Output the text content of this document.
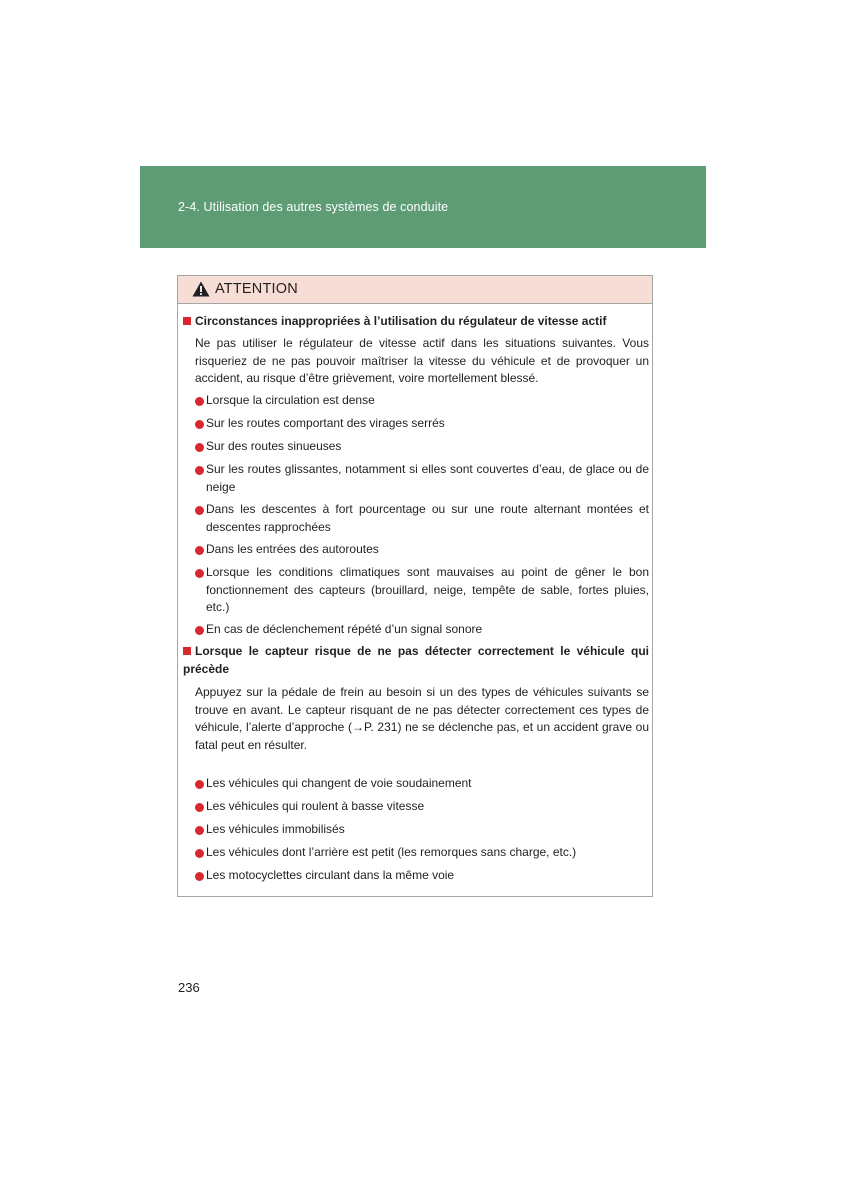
2-4. Utilisation des autres systèmes de conduite
ATTENTION
Circonstances inappropriées à l’utilisation du régulateur de vitesse actif
Ne pas utiliser le régulateur de vitesse actif dans les situations suivantes. Vous risqueriez de ne pas pouvoir maîtriser la vitesse du véhicule et de provoquer un accident, au risque d’être grièvement, voire mortellement blessé.
Lorsque la circulation est dense
Sur les routes comportant des virages serrés
Sur des routes sinueuses
Sur les routes glissantes, notamment si elles sont couvertes d’eau, de glace ou de neige
Dans les descentes à fort pourcentage ou sur une route alternant montées et descentes rapprochées
Dans les entrées des autoroutes
Lorsque les conditions climatiques sont mauvaises au point de gêner le bon fonctionnement des capteurs (brouillard, neige, tempête de sable, fortes pluies, etc.)
En cas de déclenchement répété d’un signal sonore
Lorsque le capteur risque de ne pas détecter correctement le véhicule qui précède
Appuyez sur la pédale de frein au besoin si un des types de véhicules suivants se trouve en avant. Le capteur risquant de ne pas détecter correctement ces types de véhicule, l’alerte d’approche (→P. 231) ne se déclenche pas, et un accident grave ou fatal peut en résulter.
Les véhicules qui changent de voie soudainement
Les véhicules qui roulent à basse vitesse
Les véhicules immobilisés
Les véhicules dont l’arrière est petit (les remorques sans charge, etc.)
Les motocyclettes circulant dans la même voie
236
